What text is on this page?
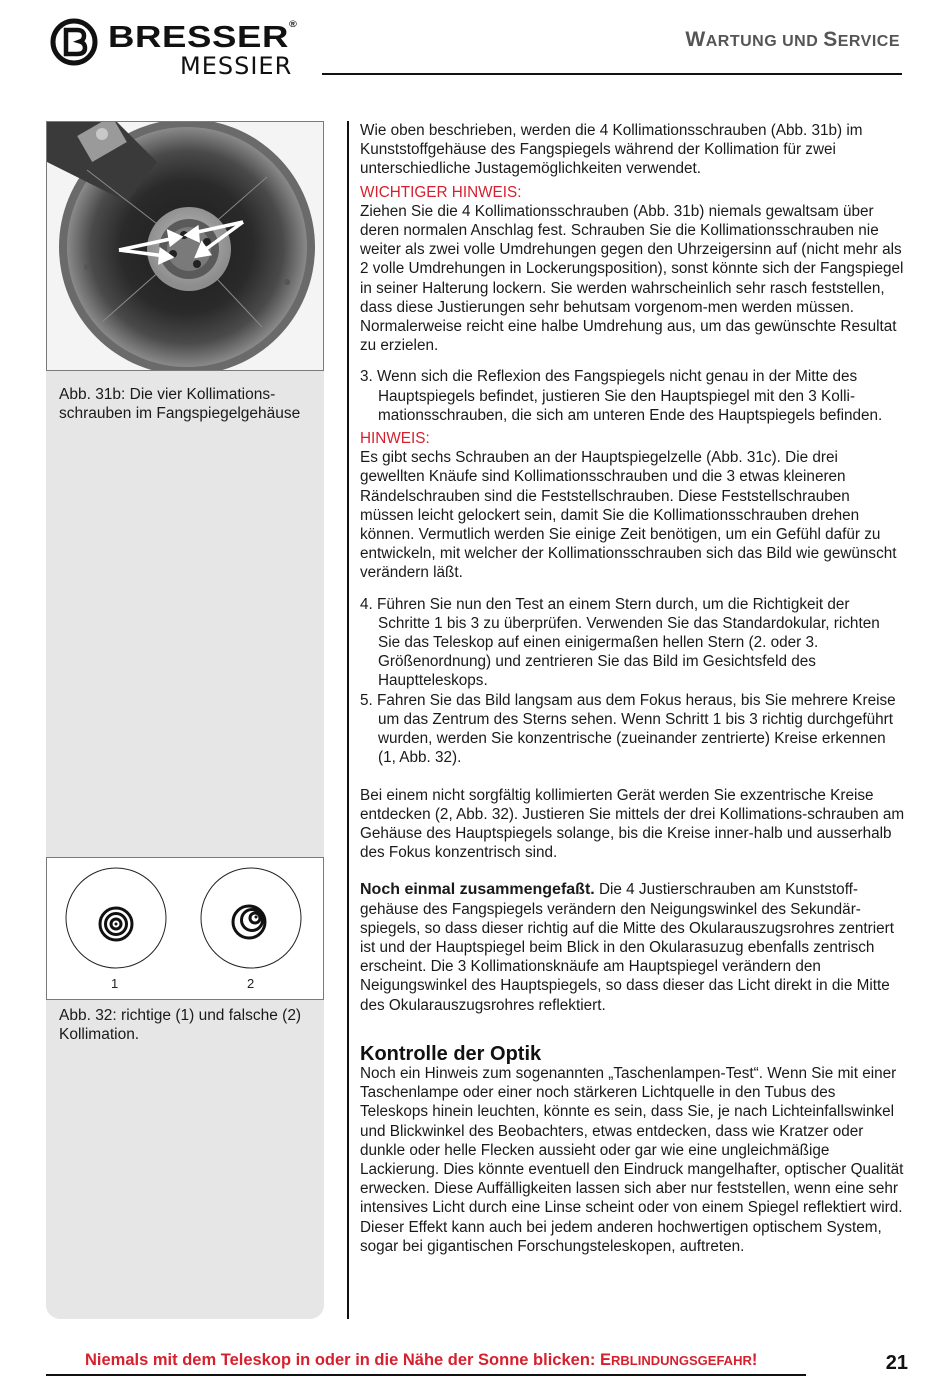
BRESSER®
MESSIER
WARTUNG UND SERVICE
Abb. 31b: Die vier Kollimations-schrauben im Fangspiegelgehäuse
1	2
Abb. 32: richtige (1) und falsche (2) Kollimation.

Wie oben beschrieben, werden die 4 Kollimationsschrauben (Abb. 31b) im Kunststoffgehäuse des Fangspiegels während der Kollimation für zwei unterschiedliche Justagemöglichkeiten verwendet.

WICHTIGER HINWEIS:

Ziehen Sie die 4 Kollimationsschrauben (Abb. 31b) niemals gewaltsam über deren normalen Anschlag fest. Schrauben Sie die Kollimationsschrauben nie weiter als zwei volle Umdrehungen gegen den Uhrzeigersinn auf (nicht mehr als 2 volle Umdrehungen in Lockerungsposition), sonst könnte sich der Fangspiegel in seiner Halterung lockern. Sie werden wahrscheinlich sehr rasch feststellen, dass diese Justierungen sehr behutsam vorgenom-men werden müssen. Normalerweise reicht eine halbe Umdrehung aus, um das gewünschte Resultat zu erzielen.

3. Wenn sich die Reflexion des Fangspiegels nicht genau in der Mitte des Hauptspiegels befindet, justieren Sie den Hauptspiegel mit den 3 Kolli-mationsschrauben, die sich am unteren Ende des Hauptspiegels befinden.

HINWEIS:

Es gibt sechs Schrauben an der Hauptspiegelzelle (Abb. 31c). Die drei gewellten Knäufe sind Kollimationsschrauben und die 3 etwas kleineren Rändelschrauben sind die Feststellschrauben. Diese Feststellschrauben müssen leicht gelockert sein, damit Sie die Kollimationsschrauben drehen können. Vermutlich werden Sie einige Zeit benötigen, um ein Gefühl dafür zu entwickeln, mit welcher der Kollimationsschrauben sich das Bild wie gewünscht verändern läßt.

4. Führen Sie nun den Test an einem Stern durch, um die Richtigkeit der Schritte 1 bis 3 zu überprüfen. Verwenden Sie das Standardokular, richten Sie das Teleskop auf einen einigermaßen hellen Stern (2. oder 3. Größenordnung) und zentrieren Sie das Bild im Gesichtsfeld des Hauptteleskops.

5. Fahren Sie das Bild langsam aus dem Fokus heraus, bis Sie mehrere Kreise um das Zentrum des Sterns sehen. Wenn Schritt 1 bis 3 richtig durchgeführt wurden, werden Sie konzentrische (zueinander zentrierte) Kreise erkennen (1, Abb. 32).

Bei einem nicht sorgfältig kollimierten Gerät werden Sie exzentrische Kreise entdecken (2, Abb. 32). Justieren Sie mittels der drei Kollimations-schrauben am Gehäuse des Hauptspiegels solange, bis die Kreise inner-halb und ausserhalb des Fokus konzentrisch sind.

Noch einmal zusammengefaßt. Die 4 Justierschrauben am Kunststoff-gehäuse des Fangspiegels verändern den Neigungswinkel des Sekundär-spiegels, so dass dieser richtig auf die Mitte des Okularauszugsrohres zentriert ist und der Hauptspiegel beim Blick in den Okularasuzug ebenfalls zentrisch erscheint. Die 3 Kollimationsknäufe am Hauptspiegel verändern den Neigungswinkel des Hauptspiegels, so dass dieser das Licht direkt in die Mitte des Okularauszugsrohres reflektiert.

Kontrolle der Optik

Noch ein Hinweis zum sogenannten „Taschenlampen-Test“. Wenn Sie mit einer Taschenlampe oder einer noch stärkeren Lichtquelle in den Tubus des Teleskops hinein leuchten, könnte es sein, dass Sie, je nach Lichteinfallswinkel und Blickwinkel des Beobachters, etwas entdecken, dass wie Kratzer oder dunkle oder helle Flecken aussieht oder gar wie eine ungleichmäßige Lackierung. Dies könnte eventuell den Eindruck mangelhafter, optischer Qualität erwecken. Diese Auffälligkeiten lassen sich aber nur feststellen, wenn eine sehr intensives Licht durch eine Linse scheint oder von einem Spiegel reflektiert wird. Dieser Effekt kann auch bei jedem anderen hochwertigen optischem System, sogar bei gigantischen Forschungsteleskopen, auftreten.

Niemals mit dem Teleskop in oder in die Nähe der Sonne blicken: ERBLINDUNGSGEFAHR!	21
